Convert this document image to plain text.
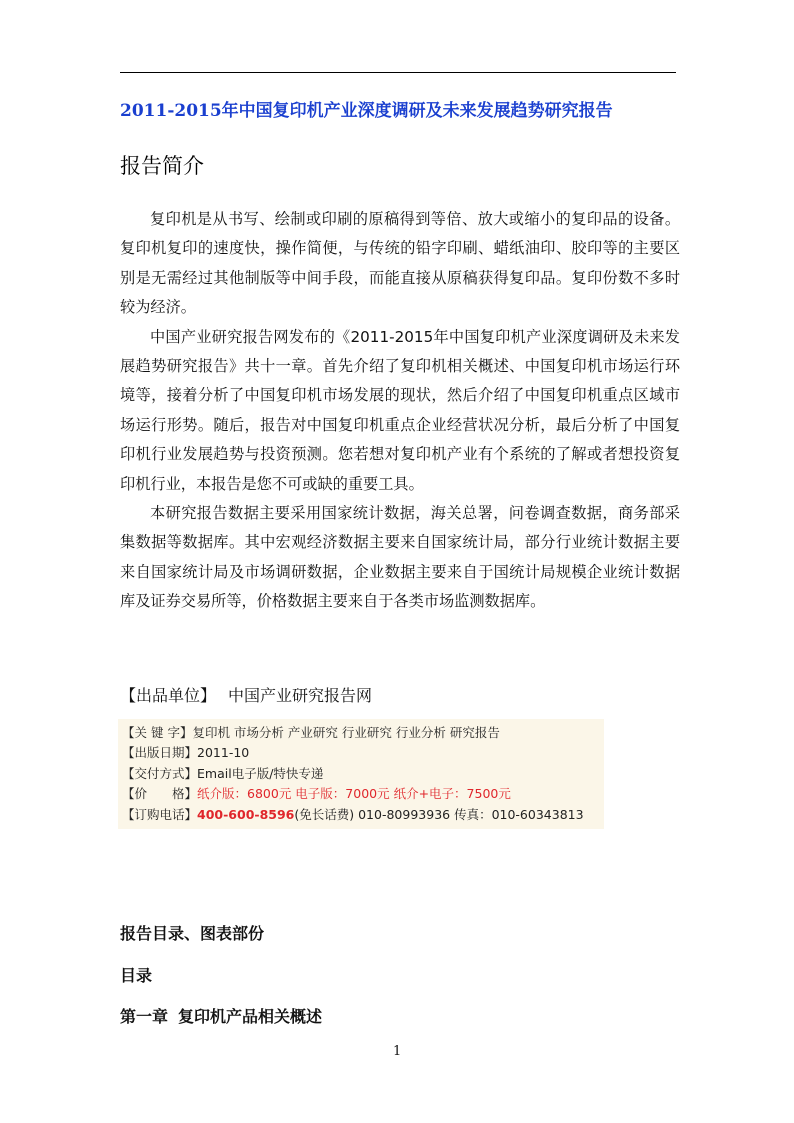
2011-2015年中国复印机产业深度调研及未来发展趋势研究报告
报告简介

复印机是从书写、绘制或印刷的原稿得到等倍、放大或缩小的复印品的设备。复印机复印的速度快，操作简便，与传统的铅字印刷、蜡纸油印、胶印等的主要区别是无需经过其他制版等中间手段，而能直接从原稿获得复印品。复印份数不多时较为经济。

中国产业研究报告网发布的《2011-2015年中国复印机产业深度调研及未来发展趋势研究报告》共十一章。首先介绍了复印机相关概述、中国复印机市场运行环境等，接着分析了中国复印机市场发展的现状，然后介绍了中国复印机重点区域市场运行形势。随后，报告对中国复印机重点企业经营状况分析，最后分析了中国复印机行业发展趋势与投资预测。您若想对复印机产业有个系统的了解或者想投资复印机行业，本报告是您不可或缺的重要工具。

本研究报告数据主要采用国家统计数据，海关总署，问卷调查数据，商务部采集数据等数据库。其中宏观经济数据主要来自国家统计局，部分行业统计数据主要来自国家统计局及市场调研数据，企业数据主要来自于国统计局规模企业统计数据库及证券交易所等，价格数据主要来自于各类市场监测数据库。

【出品单位】 中国产业研究报告网
【关 键 字】复印机 市场分析 产业研究 行业研究 行业分析 研究报告
【出版日期】2011-10
【交付方式】Email电子版/特快专递
【价　　格】纸介版：6800元 电子版：7000元 纸介+电子：7500元
【订购电话】400-600-8596(免长话费) 010-80993936 传真：010-60343813
报告目录、图表部份
目录
第一章 复印机产品相关概述
1
